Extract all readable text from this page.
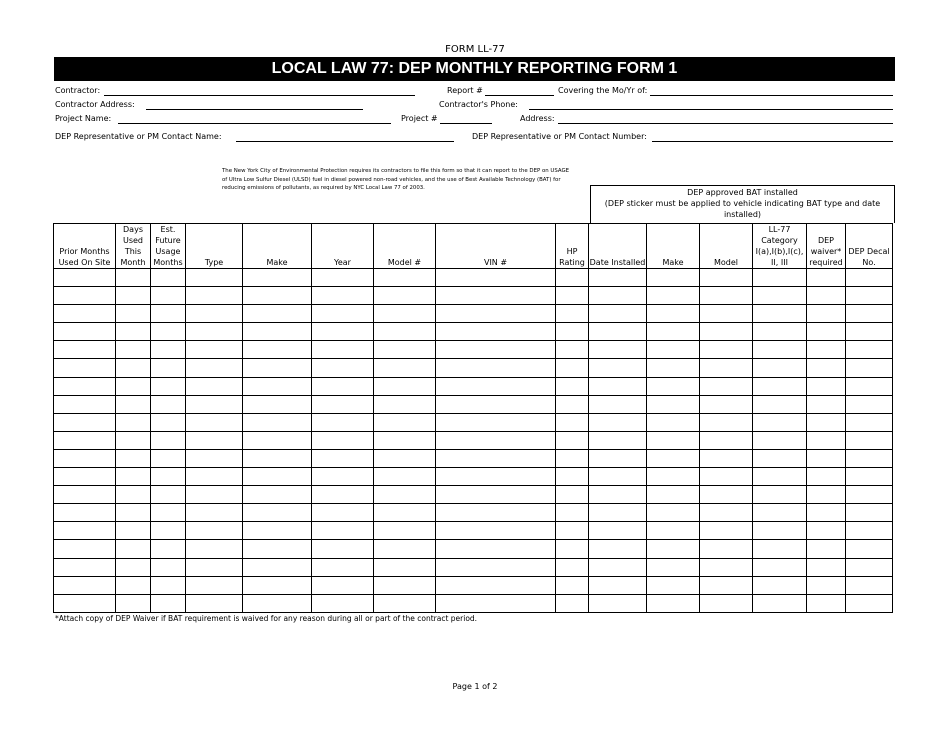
FORM LL-77
LOCAL LAW 77: DEP MONTHLY REPORTING FORM 1
Contractor:	Report #	Covering the Mo/Yr of:
Contractor Address:	Contractor's Phone:
Project Name:	Project #	Address:
DEP Representative or PM Contact Name:	DEP Representative or PM Contact Number:
The New York City of Environmental Protection requires its contractors to file this form so that it can report to the DEP on USAGE of Ultra Low Sulfur Diesel (ULSD) fuel in diesel powered non-road vehicles, and the use of Best Available Technology (BAT) for reducing emissions of pollutants, as required by NYC Local Law 77 of 2003.	DEP approved BAT installed
(DEP sticker must be applied to vehicle indicating BAT type and date installed)
Prior Months Used On Site	Days Used This Month	Est. Future Usage Months	Type	Make	Year	Model #	VIN #	HP Rating	Date Installed	Make	Model	LL-77 Category I(a),I(b),I(c), II, III	DEP waiver* required	DEP Decal No.

*Attach copy of DEP Waiver if BAT requirement is waived for any reason during all or part of the contract period.
Page 1 of 2
